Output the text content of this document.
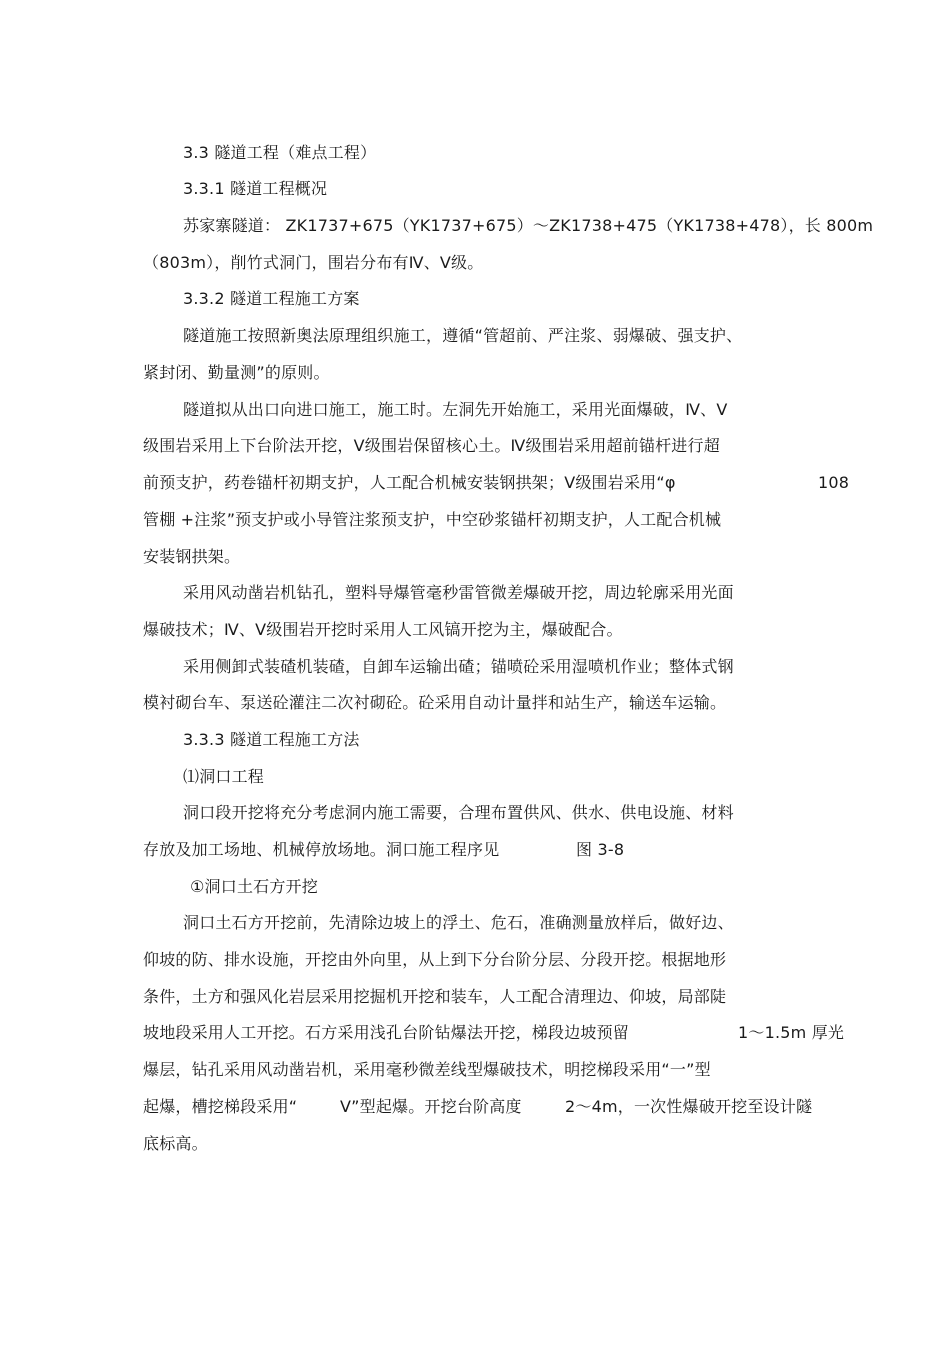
3.3 隧道工程（难点工程）
3.3.1 隧道工程概况
苏家寨隧道： ZK1737+675（YK1737+675）～ZK1738+475（YK1738+478），长 800m
（803m），削竹式洞门，围岩分布有Ⅳ、Ⅴ级。
3.3.2 隧道工程施工方案
隧道施工按照新奥法原理组织施工，遵循“管超前、严注浆、弱爆破、强支护、
紧封闭、勤量测”的原则。
隧道拟从出口向进口施工，施工时。左洞先开始施工，采用光面爆破，Ⅳ、Ⅴ
级围岩采用上下台阶法开挖，Ⅴ级围岩保留核心土。Ⅳ级围岩采用超前锚杆进行超
前预支护，药卷锚杆初期支护，人工配合机械安装钢拱架；Ⅴ级围岩采用“φ	108
管棚 +注浆”预支护或小导管注浆预支护，中空砂浆锚杆初期支护，人工配合机械
安装钢拱架。
采用风动凿岩机钻孔，塑料导爆管毫秒雷管微差爆破开挖，周边轮廓采用光面
爆破技术；Ⅳ、Ⅴ级围岩开挖时采用人工风镐开挖为主，爆破配合。
采用侧卸式装碴机装碴，自卸车运输出碴；锚喷砼采用湿喷机作业；整体式钢
模衬砌台车、泵送砼灌注二次衬砌砼。砼采用自动计量拌和站生产，输送车运输。
3.3.3 隧道工程施工方法
⑴洞口工程
洞口段开挖将充分考虑洞内施工需要，合理布置供风、供水、供电设施、材料
存放及加工场地、机械停放场地。洞口施工程序见	图 3-8
①洞口土石方开挖
洞口土石方开挖前，先清除边坡上的浮土、危石，准确测量放样后，做好边、
仰坡的防、排水设施，开挖由外向里，从上到下分台阶分层、分段开挖。根据地形
条件，土方和强风化岩层采用挖掘机开挖和装车，人工配合清理边、仰坡，局部陡
坡地段采用人工开挖。石方采用浅孔台阶钻爆法开挖，梯段边坡预留	1～1.5m 厚光
爆层，钻孔采用风动凿岩机，采用毫秒微差线型爆破技术，明挖梯段采用“一”型
起爆，槽挖梯段采用“	V”型起爆。开挖台阶高度	2～4m，一次性爆破开挖至设计隧
底标高。
